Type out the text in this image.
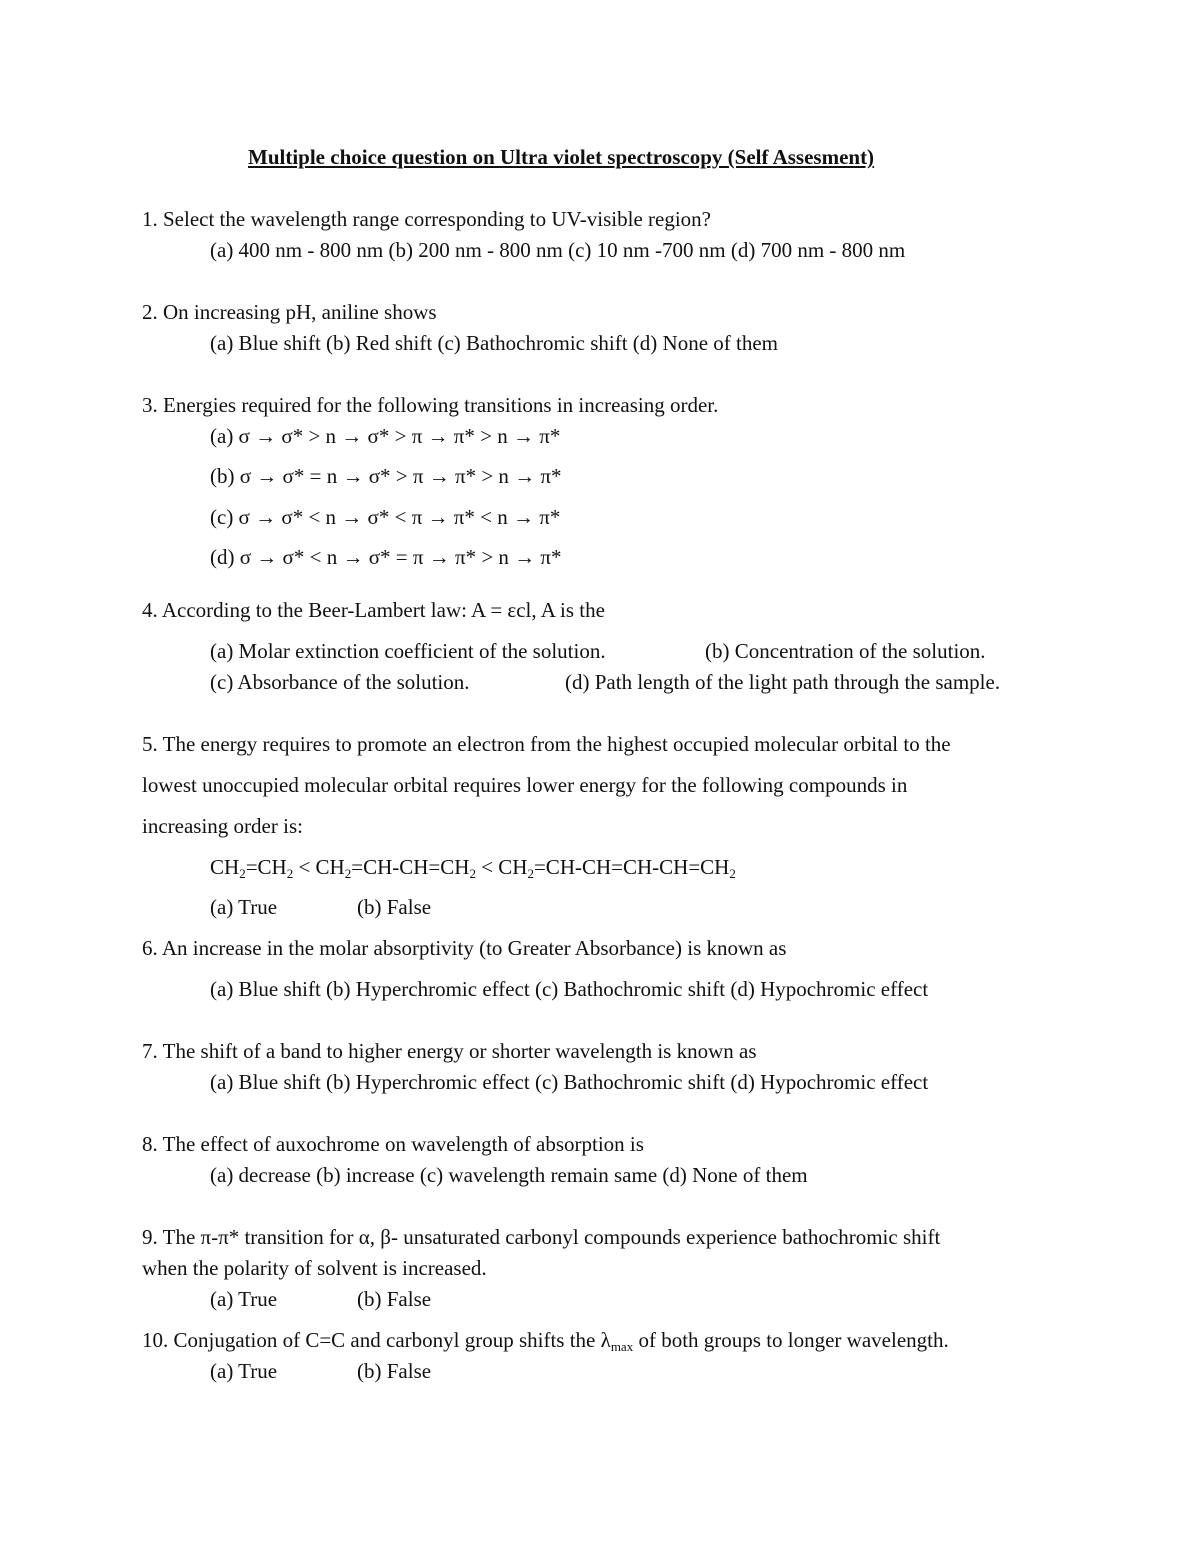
Multiple choice question on Ultra violet spectroscopy (Self Assesment)
1. Select the wavelength range corresponding to UV-visible region?
(a) 400 nm - 800 nm (b) 200 nm - 800 nm (c) 10 nm -700 nm (d) 700 nm - 800 nm
2. On increasing pH, aniline shows
(a) Blue shift (b) Red shift (c) Bathochromic shift (d) None of them
3. Energies required for the following transitions in increasing order.
(a) σ → σ* > n → σ* > π → π* > n → π*
(b) σ → σ* = n → σ* > π → π* > n → π*
(c) σ → σ* < n → σ* < π → π* < n → π*
(d) σ → σ* < n → σ* = π → π* > n → π*
4. According to the Beer-Lambert law: A = εcl, A is the
(a) Molar extinction coefficient of the solution.	(b) Concentration of the solution.
(c) Absorbance of the solution.	(d) Path length of the light path through the sample.
5. The energy requires to promote an electron from the highest occupied molecular orbital to the
lowest unoccupied molecular orbital requires lower energy for the following compounds in
increasing order is:
$CH_2=CH_2 < CH_2=CH-CH=CH_2 < CH_2=CH-CH=CH-CH=CH_2$
(a) True	(b) False
6. An increase in the molar absorptivity (to Greater Absorbance) is known as
(a) Blue shift (b) Hyperchromic effect (c) Bathochromic shift (d) Hypochromic effect
7. The shift of a band to higher energy or shorter wavelength is known as
(a) Blue shift (b) Hyperchromic effect (c) Bathochromic shift (d) Hypochromic effect
8. The effect of auxochrome on wavelength of absorption is
(a) decrease (b) increase (c) wavelength remain same (d) None of them
9. The π-π* transition for α, β- unsaturated carbonyl compounds experience bathochromic shift
when the polarity of solvent is increased.
(a) True	(b) False
10. Conjugation of C=C and carbonyl group shifts the $\lambda_{max}$ of both groups to longer wavelength.
(a) True	(b) False
